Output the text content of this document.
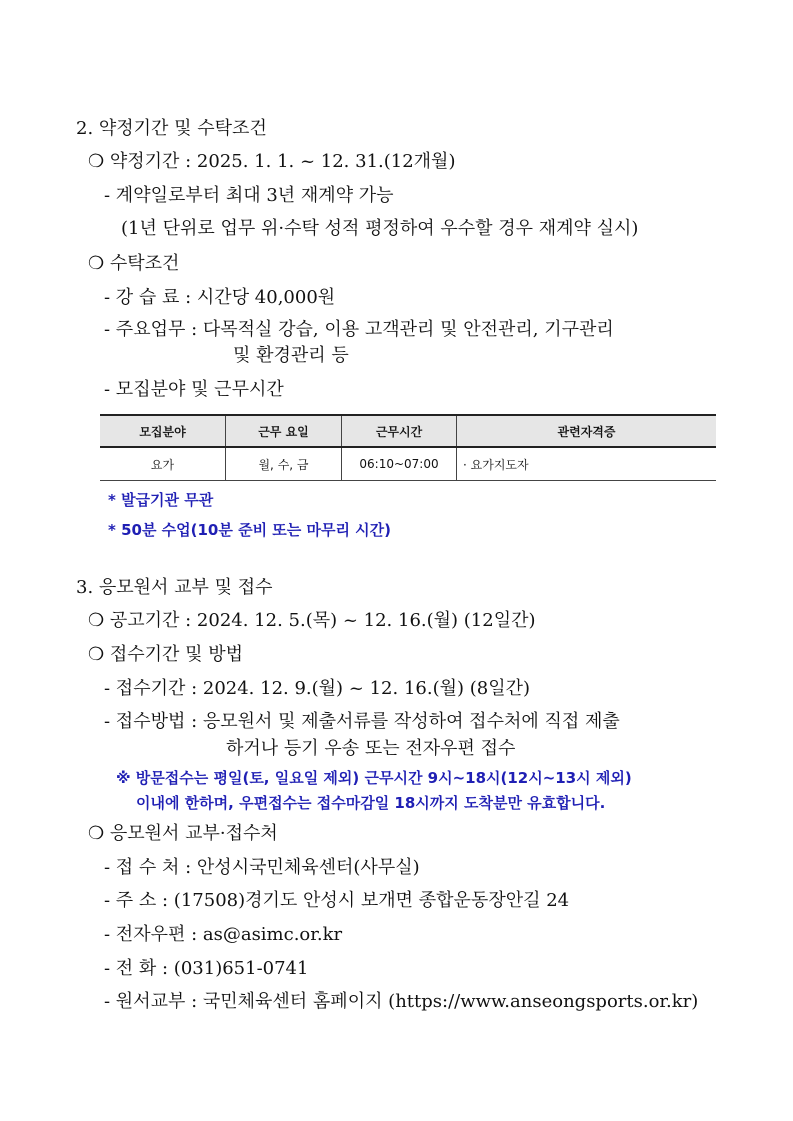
2. 약정기간 및 수탁조건
❍ 약정기간 : 2025. 1. 1. ~ 12. 31.(12개월)
- 계약일로부터 최대 3년 재계약 가능
(1년 단위로 업무 위·수탁 성적 평정하여 우수할 경우 재계약 실시)
❍ 수탁조건
- 강 습 료 : 시간당 40,000원
- 주요업무 : 다목적실 강습, 이용 고객관리 및 안전관리, 기구관리
및 환경관리 등
- 모집분야 및 근무시간
모집분야	근무 요일	근무시간	관련자격증
요가	월, 수, 금	06:10~07:00	· 요가지도자
* 발급기관 무관
* 50분 수업(10분 준비 또는 마무리 시간)
3. 응모원서 교부 및 접수
❍ 공고기간 : 2024. 12. 5.(목) ~ 12. 16.(월) (12일간)
❍ 접수기간 및 방법
- 접수기간 : 2024. 12. 9.(월) ~ 12. 16.(월) (8일간)
- 접수방법 : 응모원서 및 제출서류를 작성하여 접수처에 직접 제출
하거나 등기 우송 또는 전자우편 접수
※ 방문접수는 평일(토, 일요일 제외) 근무시간 9시~18시(12시~13시 제외)
이내에 한하며, 우편접수는 접수마감일 18시까지 도착분만 유효합니다.
❍ 응모원서 교부·접수처
- 접 수 처 : 안성시국민체육센터(사무실)
- 주 소 : (17508)경기도 안성시 보개면 종합운동장안길 24
- 전자우편 : as@asimc.or.kr
- 전 화 : (031)651-0741
- 원서교부 : 국민체육센터 홈페이지 (https://www.anseongsports.or.kr)
